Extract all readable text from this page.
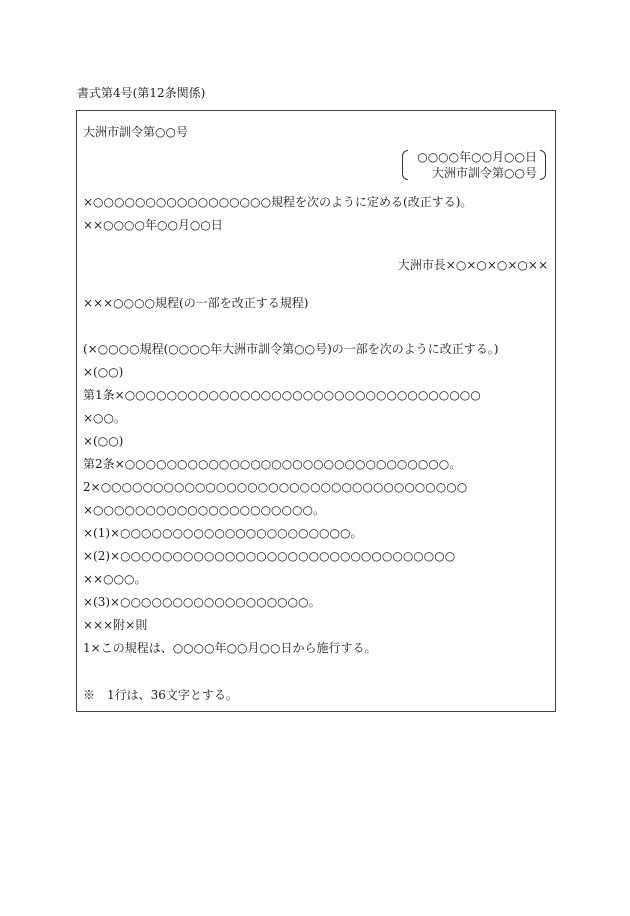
書式第4号(第12条関係)
大洲市訓令第○○号
○○○○年○○月○○日
大洲市訓令第○○号
×○○○○○○○○○○○○○○○○○規程を次のように定める(改正する)。
××○○○○年○○月○○日
大洲市長×○×○×○×○××
×××○○○○規程(の一部を改正する規程)
(×○○○○規程(○○○○年大洲市訓令第○○号)の一部を次のように改正する。)
×(○○)
第1条×○○○○○○○○○○○○○○○○○○○○○○○○○○○○○○○○○○
×○○。
×(○○)
第2条×○○○○○○○○○○○○○○○○○○○○○○○○○○○○○○○。
2×○○○○○○○○○○○○○○○○○○○○○○○○○○○○○○○○○○○
×○○○○○○○○○○○○○○○○○○○○○。
×(1)×○○○○○○○○○○○○○○○○○○○○○○。
×(2)×○○○○○○○○○○○○○○○○○○○○○○○○○○○○○○○○
××○○○。
×(3)×○○○○○○○○○○○○○○○○○○。
×××附×則
1×この規程は、○○○○年○○月○○日から施行する。
※　1行は、36文字とする。
